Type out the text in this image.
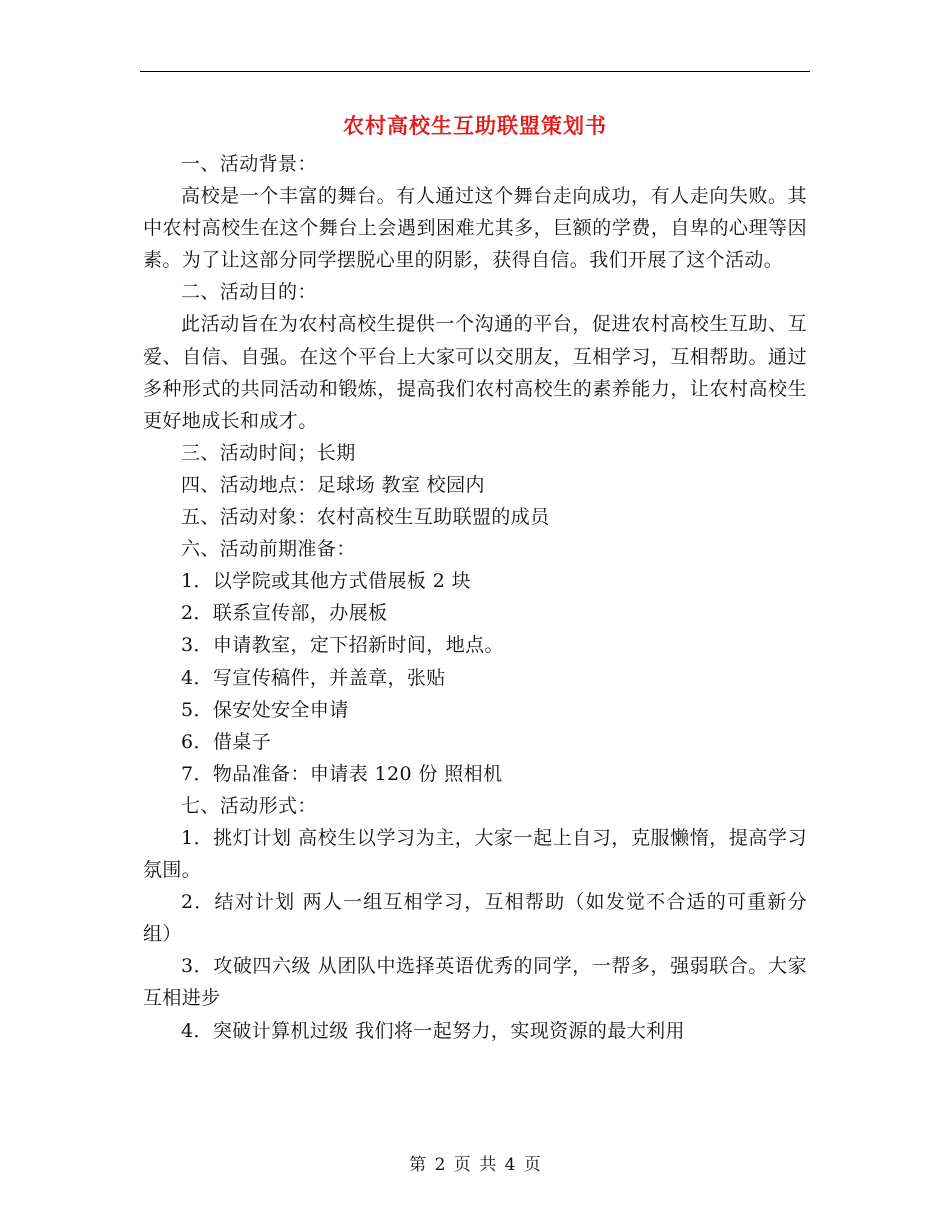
农村高校生互助联盟策划书

一、活动背景：

高校是一个丰富的舞台。有人通过这个舞台走向成功，有人走向失败。其中农村高校生在这个舞台上会遇到困难尤其多，巨额的学费，自卑的心理等因素。为了让这部分同学摆脱心里的阴影，获得自信。我们开展了这个活动。

二、活动目的：

此活动旨在为农村高校生提供一个沟通的平台，促进农村高校生互助、互爱、自信、自强。在这个平台上大家可以交朋友，互相学习，互相帮助。通过多种形式的共同活动和锻炼，提高我们农村高校生的素养能力，让农村高校生更好地成长和成才。

三、活动时间；长期

四、活动地点：足球场 教室 校园内

五、活动对象：农村高校生互助联盟的成员

六、活动前期准备：

1．以学院或其他方式借展板 2 块

2．联系宣传部，办展板

3．申请教室，定下招新时间，地点。

4．写宣传稿件，并盖章，张贴

5．保安处安全申请

6．借桌子

7．物品准备：申请表 120 份 照相机

七、活动形式：

1．挑灯计划 高校生以学习为主，大家一起上自习，克服懒惰，提高学习氛围。

2．结对计划 两人一组互相学习，互相帮助（如发觉不合适的可重新分组）

3．攻破四六级 从团队中选择英语优秀的同学，一帮多，强弱联合。大家互相进步

4．突破计算机过级 我们将一起努力，实现资源的最大利用

第 2 页 共 4 页
